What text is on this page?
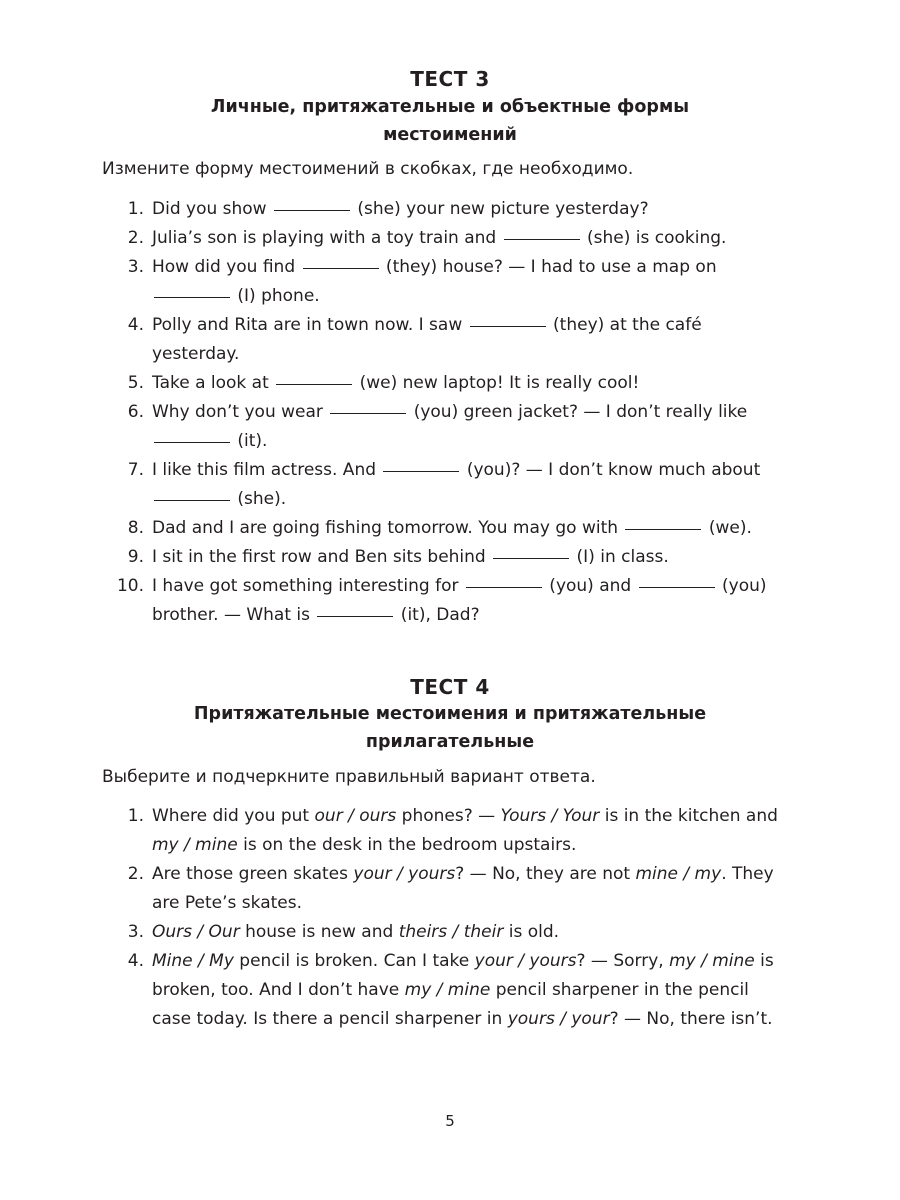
ТЕСТ 3
Личные, притяжательные и объектные формы
местоимений
Измените форму местоимений в скобках, где необходимо.
1. Did you show	(she) your new picture yesterday?
2. Julia’s son is playing with a toy train and	(she) is cooking.
3. How did you find	(they) house? — I had to use a map on  (I) phone.
4. Polly and Rita are in town now. I saw	(they) at the café yesterday.
5. Take a look at	(we) new laptop! It is really cool!
6. Why don’t you wear	(you) green jacket? — I don’t really like  (it).
7. I like this film actress. And	(you)? — I don’t know much about  (she).
8. Dad and I are going fishing tomorrow. You may go with	(we).
9. I sit in the first row and Ben sits behind	(I) in class.
10. I have got something interesting for	(you) and	(you) brother. — What is	(it), Dad?
ТЕСТ 4
Притяжательные местоимения и притяжательные
прилагательные
Выберите и подчеркните правильный вариант ответа.
1. Where did you put our / ours phones? — Yours / Your is in the kitchen and my / mine is on the desk in the bedroom upstairs.
2. Are those green skates your / yours? — No, they are not mine / my. They are Pete’s skates.
3. Ours / Our house is new and theirs / their is old.
4. Mine / My pencil is broken. Can I take your / yours? — Sorry, my / mine is broken, too. And I don’t have my / mine pencil sharpener in the pencil case today. Is there a pencil sharpener in yours / your? — No, there isn’t.
5
